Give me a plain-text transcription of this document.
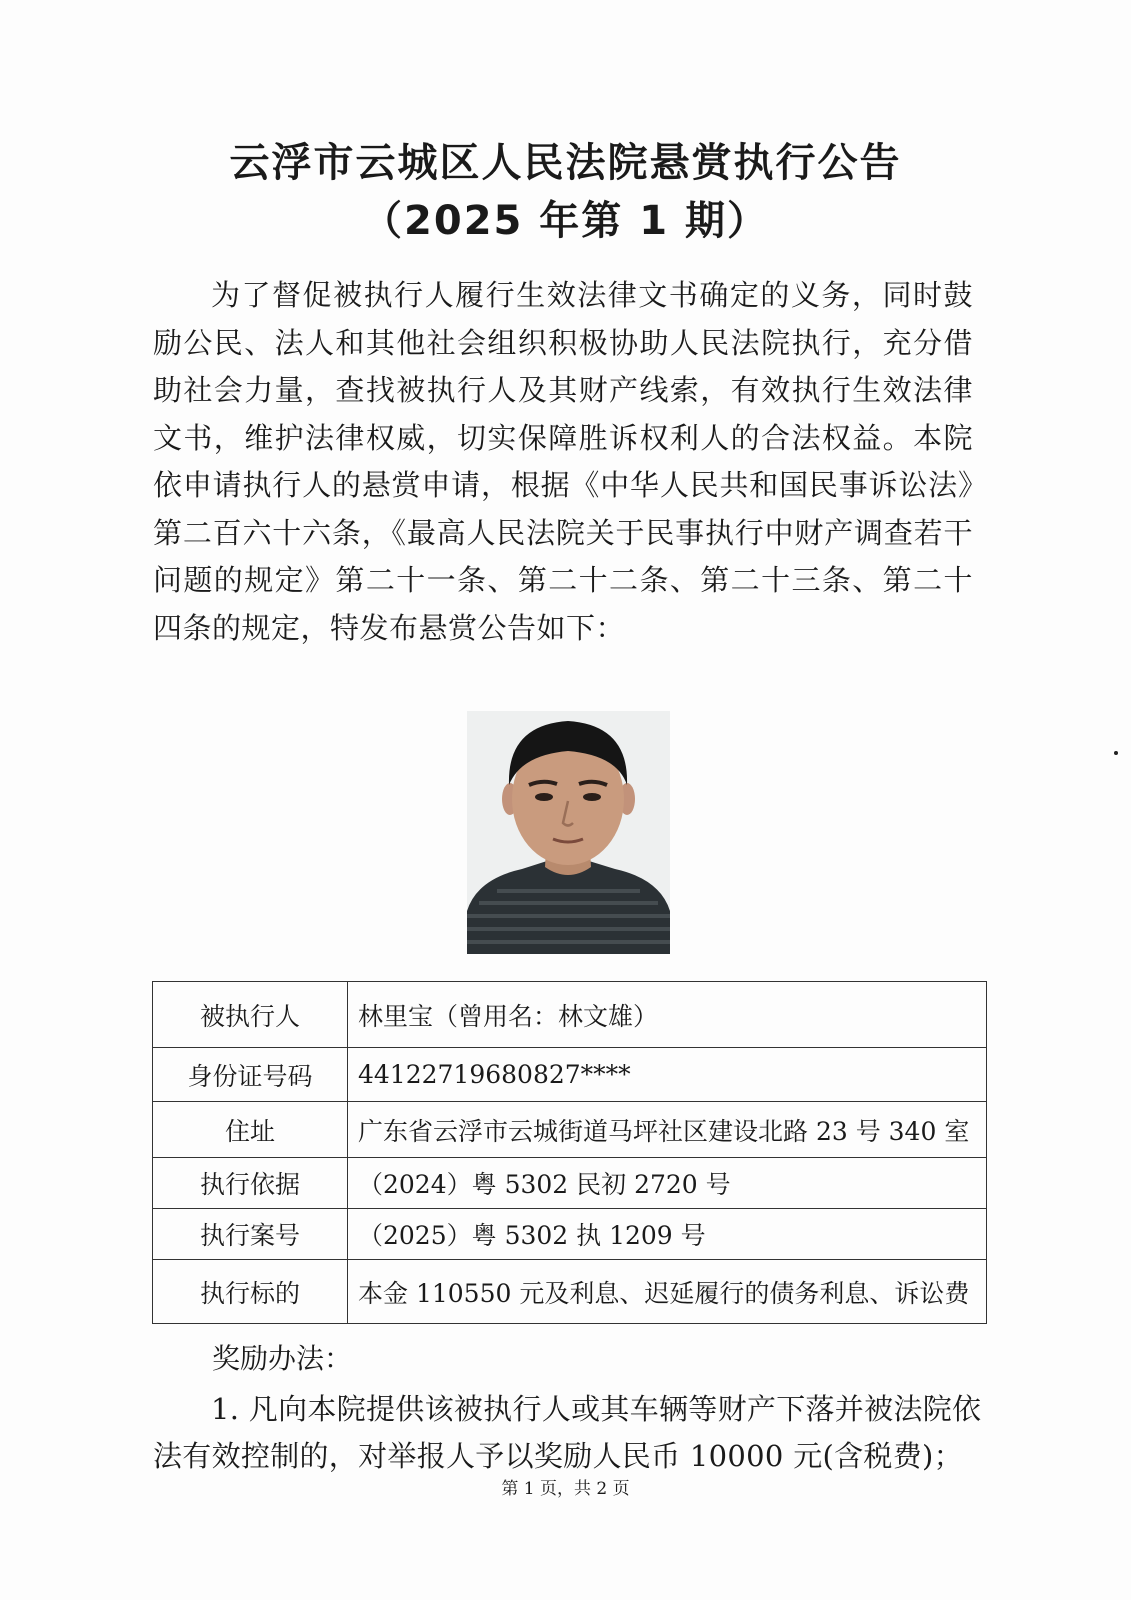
云浮市云城区人民法院悬赏执行公告
（2025 年第 1 期）

为了督促被执行人履行生效法律文书确定的义务，同时鼓励公民、法人和其他社会组织积极协助人民法院执行，充分借助社会力量，查找被执行人及其财产线索，有效执行生效法律文书，维护法律权威，切实保障胜诉权利人的合法权益。本院依申请执行人的悬赏申请，根据《中华人民共和国民事诉讼法》第二百六十六条，《最高人民法院关于民事执行中财产调查若干问题的规定》第二十一条、第二十二条、第二十三条、第二十四条的规定，特发布悬赏公告如下：

被执行人	林里宝（曾用名：林文雄）
身份证号码	44122719680827****
住址	广东省云浮市云城街道马坪社区建设北路 23 号 340 室
执行依据	（2024）粤 5302 民初 2720 号
执行案号	（2025）粤 5302 执 1209 号
执行标的	本金 110550 元及利息、迟延履行的债务利息、诉讼费

奖励办法：

1. 凡向本院提供该被执行人或其车辆等财产下落并被法院依法有效控制的，对举报人予以奖励人民币 10000 元(含税费)；

第 1 页，共 2 页
